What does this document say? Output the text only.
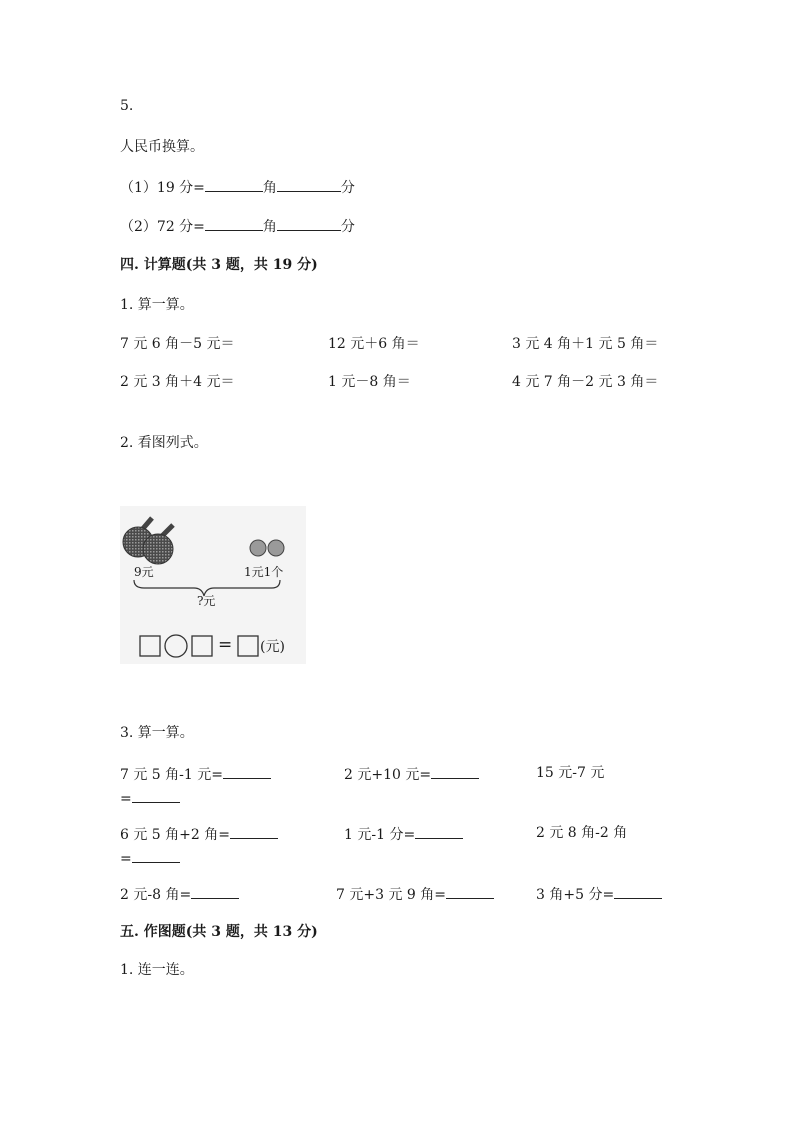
5.
人民币换算。
（1）19 分=	角	分
（2）72 分=	角	分
四. 计算题(共 3 题，共 19 分)
1. 算一算。
7 元 6 角－5 元＝	12 元＋6 角＝	3 元 4 角＋1 元 5 角＝
2 元 3 角＋4 元＝	1 元－8 角＝	4 元 7 角－2 元 3 角＝
2. 看图列式。
9元	1元1个
?元
= (元)
3. 算一算。
7 元 5 角-1 元=	2 元+10 元=	15 元-7 元
=
6 元 5 角+2 角=	1 元-1 分=	2 元 8 角-2 角
=
2 元-8 角=	7 元+3 元 9 角=	3 角+5 分=
五. 作图题(共 3 题，共 13 分)
1. 连一连。
